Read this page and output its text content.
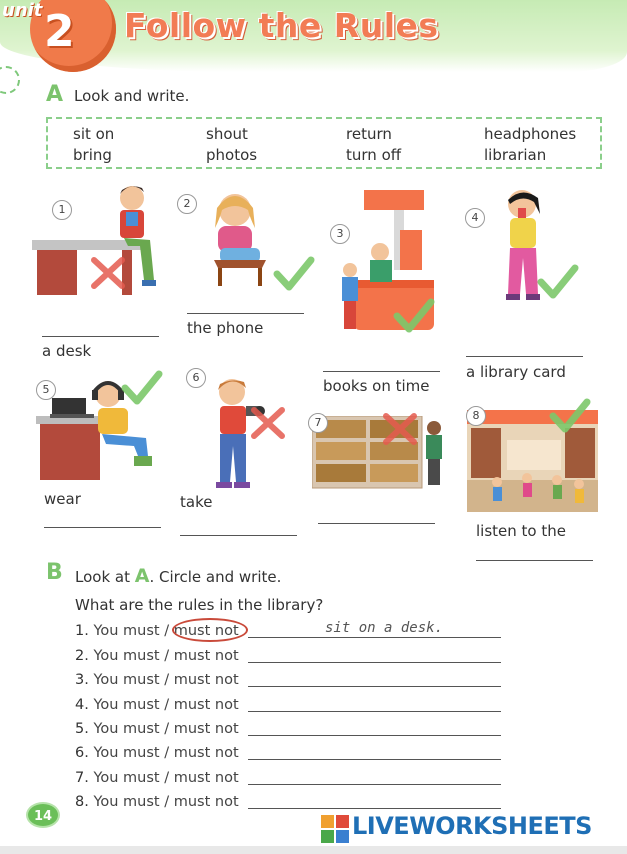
unit 2 Follow the Rules
A Look and write.
sit on	shout	return	headphones
bring	photos	turn off	librarian
1
a desk
2
the phone
3
books on time
4
a library card
5
wear
6
take
7
8
listen to the
B Look at A. Circle and write.
What are the rules in the library?
1. You must / must not	sit on a desk.
2. You must / must not
3. You must / must not
4. You must / must not
5. You must / must not
6. You must / must not
7. You must / must not
8. You must / must not
14	LIVEWORKSHEETS
